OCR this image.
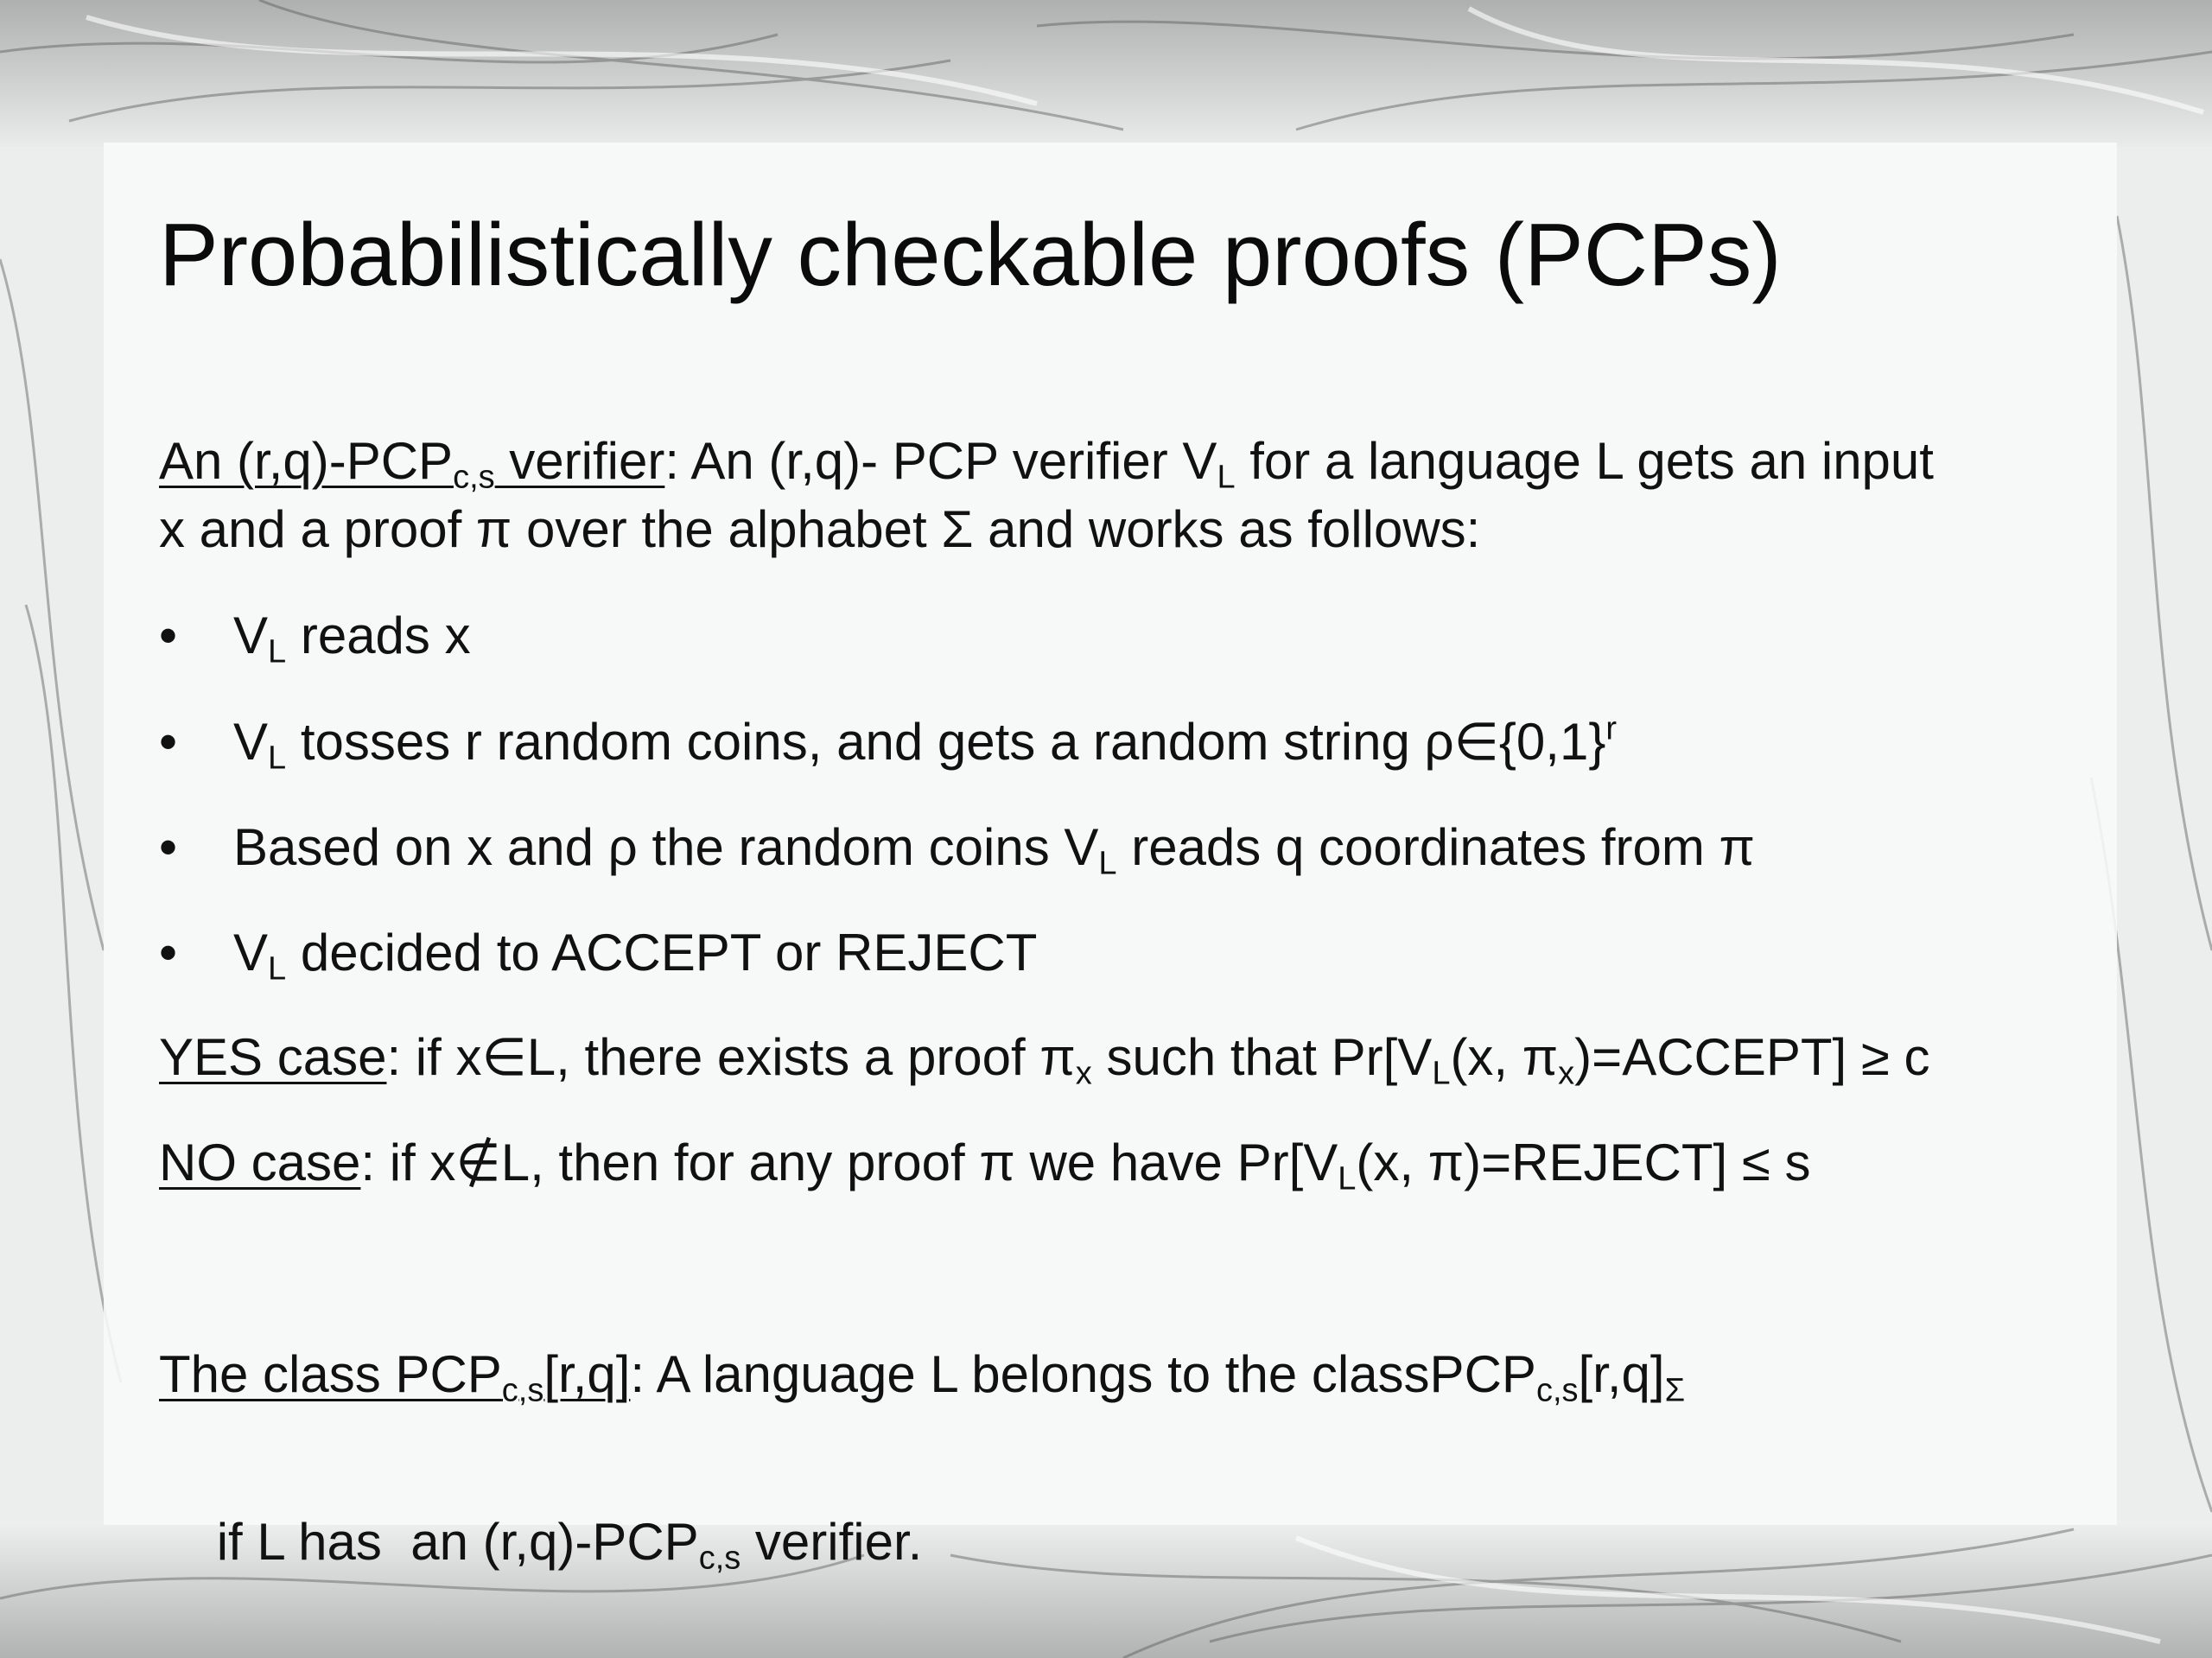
Probabilistically checkable proofs (PCPs)
An $(r,q)-PCP_{c,s}$ verifier: An (r,q)- PCP verifier $V_L$ for a language L gets an input
x and a proof π over the alphabet Σ and works as follows:
• $V_L$ reads x
• $V_L$ tosses r random coins, and gets a random string $\rho\in\{0,1\}^r$
• Based on x and ρ the random coins $V_L$ reads q coordinates from π
• $V_L$ decided to ACCEPT or REJECT
YES case: if x∈L, there exists a proof $\pi_x$ such that $Pr[V_L(x$, $\pi_x)=ACCEPT] \ge c$
NO case: if x∉L, then for any proof π we have $Pr[V_L(x$, π)=REJECT] ≤ s
The class $PCP_{c,s}[r,q]$: A language L belongs to the $classPCP_{c,s}[r,q]_\Sigma$

if L has  an $(r,q)-PCP_{c,s}$ verifier.
